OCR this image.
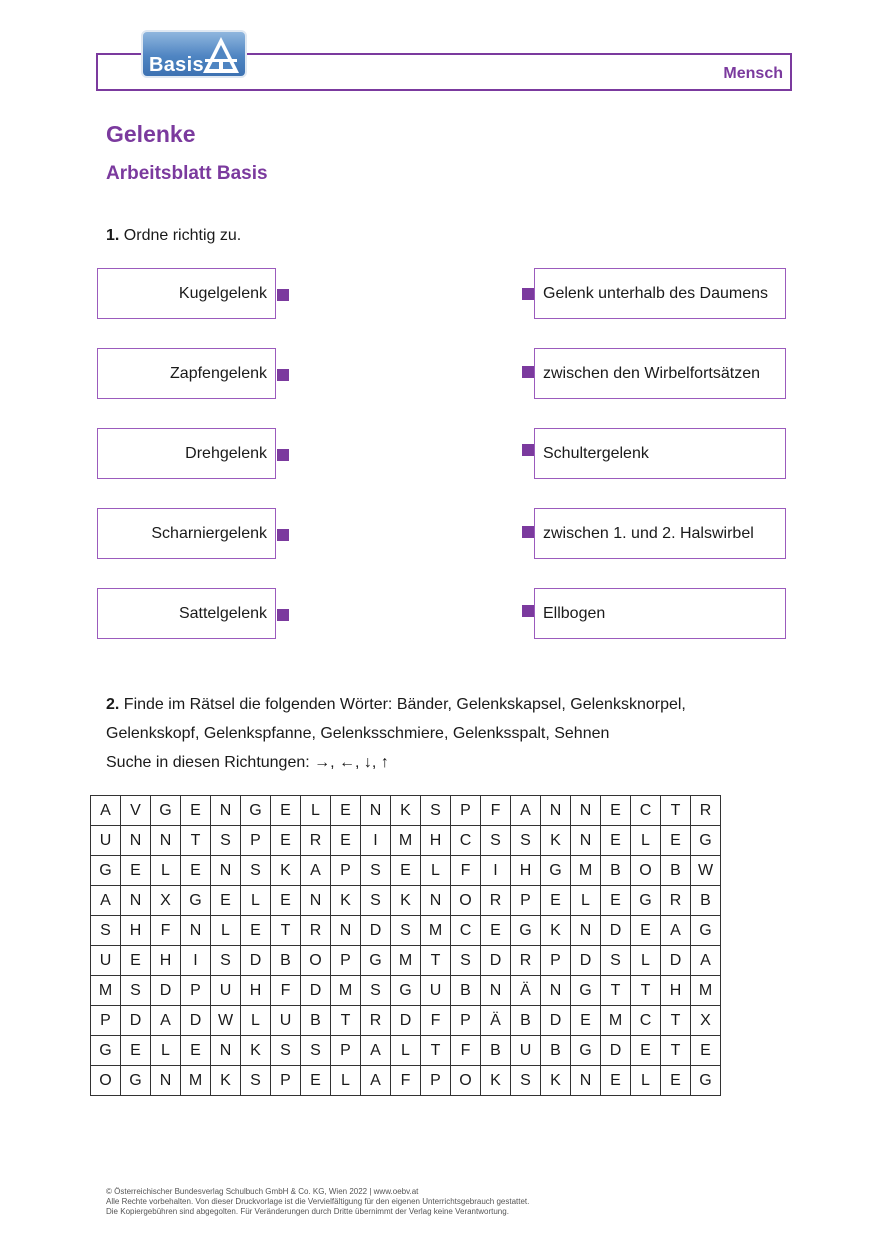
Basis	Mensch
Gelenke
Arbeitsblatt Basis
1. Ordne richtig zu.
Kugelgelenk
Zapfengelenk
Drehgelenk
Scharniergelenk
Sattelgelenk
Gelenk unterhalb des Daumens
zwischen den Wirbelfortsätzen
Schultergelenk
zwischen 1. und 2. Halswirbel
Ellbogen
2. Finde im Rätsel die folgenden Wörter: Bänder, Gelenkskapsel, Gelenksknorpel,
Gelenkskopf, Gelenkspfanne, Gelenksschmiere, Gelenksspalt, Sehnen
Suche in diesen Richtungen: →, ←, ↓, ↑
A	V	G	E	N	G	E	L	E	N	K	S	P	F	A	N	N	E	C	T	R
U	N	N	T	S	P	E	R	E	I	M	H	C	S	S	K	N	E	L	E	G
G	E	L	E	N	S	K	A	P	S	E	L	F	I	H	G	M	B	O	B	W
A	N	X	G	E	L	E	N	K	S	K	N	O	R	P	E	L	E	G	R	B
S	H	F	N	L	E	T	R	N	D	S	M	C	E	G	K	N	D	E	A	G
U	E	H	I	S	D	B	O	P	G	M	T	S	D	R	P	D	S	L	D	A
M	S	D	P	U	H	F	D	M	S	G	U	B	N	Ä	N	G	T	T	H	M
P	D	A	D	W	L	U	B	T	R	D	F	P	Ä	B	D	E	M	C	T	X
G	E	L	E	N	K	S	S	P	A	L	T	F	B	U	B	G	D	E	T	E
O	G	N	M	K	S	P	E	L	A	F	P	O	K	S	K	N	E	L	E	G
© Österreichischer Bundesverlag Schulbuch GmbH & Co. KG, Wien 2022 | www.oebv.at
Alle Rechte vorbehalten. Von dieser Druckvorlage ist die Vervielfältigung für den eigenen Unterrichtsgebrauch gestattet.
Die Kopiergebühren sind abgegolten. Für Veränderungen durch Dritte übernimmt der Verlag keine Verantwortung.
